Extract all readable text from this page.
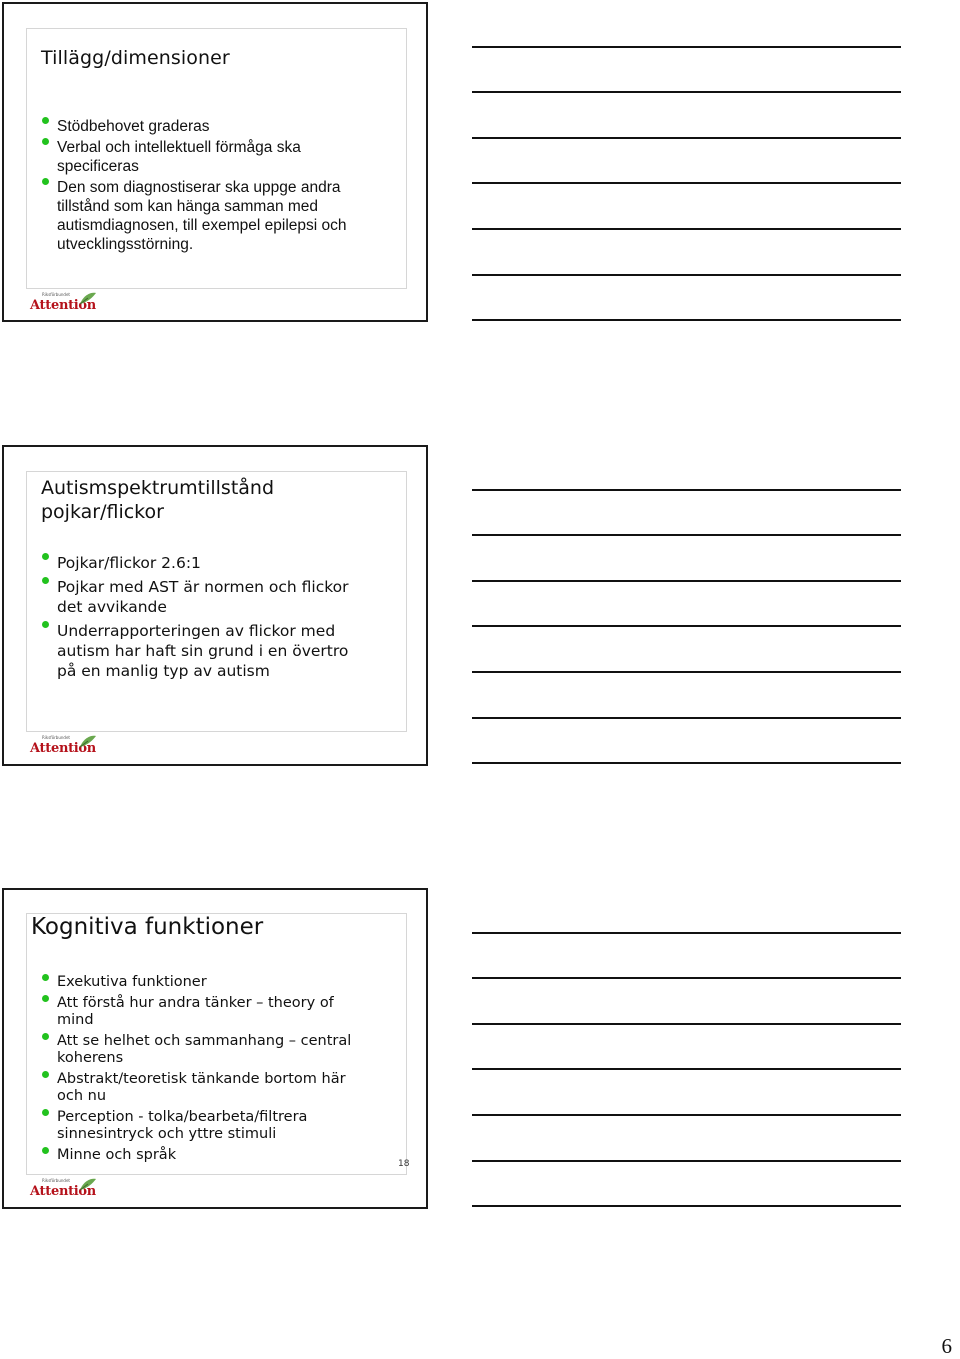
Tillägg/dimensioner
Stödbehovet graderas
Verbal och intellektuell förmåga ska
specificeras
Den som diagnostiserar ska uppge andra
tillstånd som kan hänga samman med
autismdiagnosen, till exempel epilepsi och
utvecklingsstörning.
Riksförbundet
Attention
Autismspektrumtillstånd
pojkar/flickor
Pojkar/flickor 2.6:1
Pojkar med AST är normen och flickor
det avvikande
Underrapporteringen av flickor med
autism har haft sin grund i en övertro
på en manlig typ av autism
Riksförbundet
Attention
Kognitiva funktioner
Exekutiva funktioner
Att förstå hur andra tänker – theory of
mind
Att se helhet och sammanhang – central
koherens
Abstrakt/teoretisk tänkande bortom här
och nu
Perception - tolka/bearbeta/filtrera
sinnesintryck och yttre stimuli
Minne och språk
18
Riksförbundet
Attention
6
